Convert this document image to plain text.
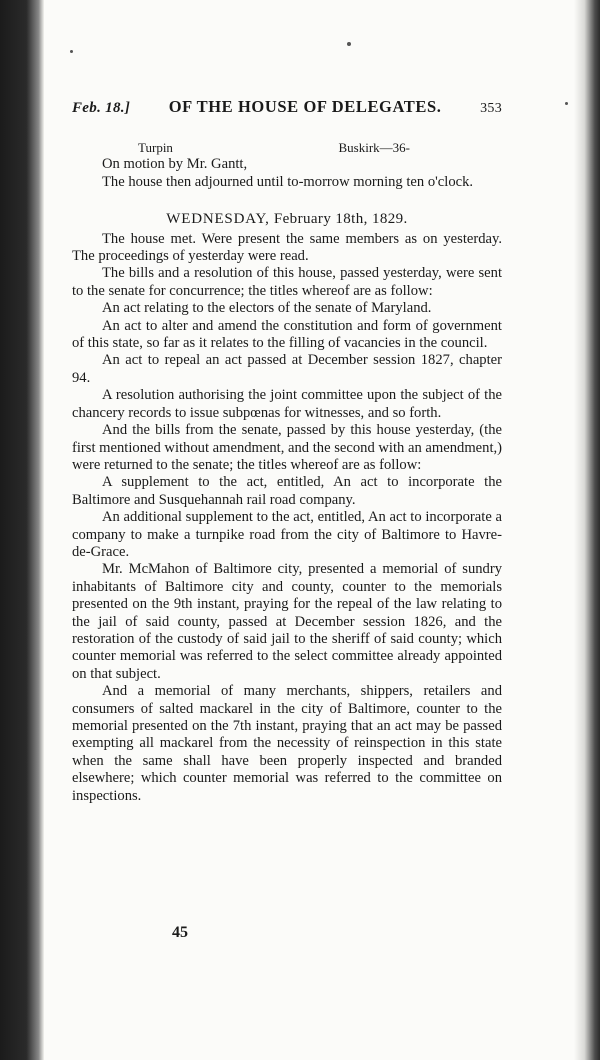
Feb. 18.] OF THE HOUSE OF DELEGATES.	353
Turpin	Buskirk—36-

On motion by Mr. Gantt,

The house then adjourned until to-morrow morning ten o'clock.

WEDNESDAY, February 18th, 1829.

The house met. Were present the same members as on yesterday. The proceedings of yesterday were read.

The bills and a resolution of this house, passed yesterday, were sent to the senate for concurrence; the titles whereof are as follow:

An act relating to the electors of the senate of Maryland.

An act to alter and amend the constitution and form of government of this state, so far as it relates to the filling of vacancies in the council.

An act to repeal an act passed at December session 1827, chapter 94.

A resolution authorising the joint committee upon the subject of the chancery records to issue subpœnas for witnesses, and so forth.

And the bills from the senate, passed by this house yesterday, (the first mentioned without amendment, and the second with an amendment,) were returned to the senate; the titles whereof are as follow:

A supplement to the act, entitled, An act to incorporate the Baltimore and Susquehannah rail road company.

An additional supplement to the act, entitled, An act to incorporate a company to make a turnpike road from the city of Baltimore to Havre-de-Grace.

Mr. McMahon of Baltimore city, presented a memorial of sundry inhabitants of Baltimore city and county, counter to the memorials presented on the 9th instant, praying for the repeal of the law relating to the jail of said county, passed at December session 1826, and the restoration of the custody of said jail to the sheriff of said county; which counter memorial was referred to the select committee already appointed on that subject.

And a memorial of many merchants, shippers, retailers and consumers of salted mackarel in the city of Baltimore, counter to the memorial presented on the 7th instant, praying that an act may be passed exempting all mackarel from the necessity of reinspection in this state when the same shall have been properly inspected and branded elsewhere; which counter memorial was referred to the committee on inspections.

45
